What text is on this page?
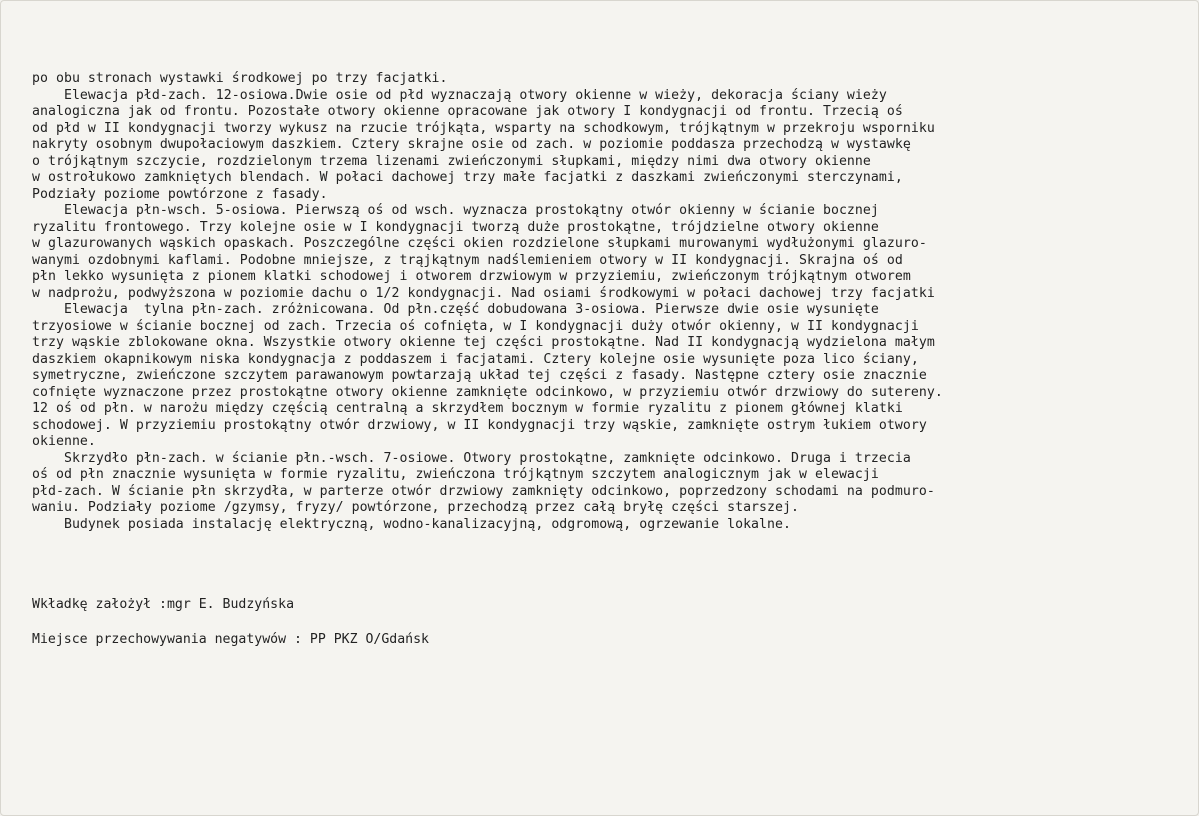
po obu stronach wystawki środkowej po trzy facjatki.
Elewacja płd-zach. 12-osiowa.Dwie osie od płd wyznaczają otwory okienne w wieży, dekoracja ściany wieży
analogiczna jak od frontu. Pozostałe otwory okienne opracowane jak otwory I kondygnacji od frontu. Trzecią oś
od płd w II kondygnacji tworzy wykusz na rzucie trójkąta, wsparty na schodkowym, trójkątnym w przekroju wsporniku
nakryty osobnym dwupołaciowym daszkiem. Cztery skrajne osie od zach. w poziomie poddasza przechodzą w wystawkę
o trójkątnym szczycie, rozdzielonym trzema lizenami zwieńczonymi słupkami, między nimi dwa otwory okienne
w ostrołukowo zamkniętych blendach. W połaci dachowej trzy małe facjatki z daszkami zwieńczonymi sterczynami,
Podziały poziome powtórzone z fasady.
Elewacja płn-wsch. 5-osiowa. Pierwszą oś od wsch. wyznacza prostokątny otwór okienny w ścianie bocznej
ryzalitu frontowego. Trzy kolejne osie w I kondygnacji tworzą duże prostokątne, trójdzielne otwory okienne
w glazurowanych wąskich opaskach. Poszczególne części okien rozdzielone słupkami murowanymi wydłużonymi glazuro-
wanymi ozdobnymi kaflami. Podobne mniejsze, z trąjkątnym nadślemieniem otwory w II kondygnacji. Skrajna oś od
płn lekko wysunięta z pionem klatki schodowej i otworem drzwiowym w przyziemiu, zwieńczonym trójkątnym otworem
w nadprożu, podwyższona w poziomie dachu o 1/2 kondygnacji. Nad osiami środkowymi w połaci dachowej trzy facjatki
Elewacja  tylna płn-zach. zróżnicowana. Od płn.część dobudowana 3-osiowa. Pierwsze dwie osie wysunięte
trzyosiowe w ścianie bocznej od zach. Trzecia oś cofnięta, w I kondygnacji duży otwór okienny, w II kondygnacji
trzy wąskie zblokowane okna. Wszystkie otwory okienne tej części prostokątne. Nad II kondygnacją wydzielona małym
daszkiem okapnikowym niska kondygnacja z poddaszem i facjatami. Cztery kolejne osie wysunięte poza lico ściany,
symetryczne, zwieńczone szczytem parawanowym powtarzają układ tej części z fasady. Następne cztery osie znacznie
cofnięte wyznaczone przez prostokątne otwory okienne zamknięte odcinkowo, w przyziemiu otwór drzwiowy do sutereny.
12 oś od płn. w narożu między częścią centralną a skrzydłem bocznym w formie ryzalitu z pionem głównej klatki
schodowej. W przyziemiu prostokątny otwór drzwiowy, w II kondygnacji trzy wąskie, zamknięte ostrym łukiem otwory
okienne.
Skrzydło płn-zach. w ścianie płn.-wsch. 7-osiowe. Otwory prostokątne, zamknięte odcinkowo. Druga i trzecia
oś od płn znacznie wysunięta w formie ryzalitu, zwieńczona trójkątnym szczytem analogicznym jak w elewacji
płd-zach. W ścianie płn skrzydła, w parterze otwór drzwiowy zamknięty odcinkowo, poprzedzony schodami na podmuro-
waniu. Podziały poziome /gzymsy, fryzy/ powtórzone, przechodzą przez całą bryłę części starszej.
Budynek posiada instalację elektryczną, wodno-kanalizacyjną, odgromową, ogrzewanie lokalne.
Wkładkę założył :mgr E. Budzyńska
Miejsce przechowywania negatywów : PP PKZ O/Gdańsk
